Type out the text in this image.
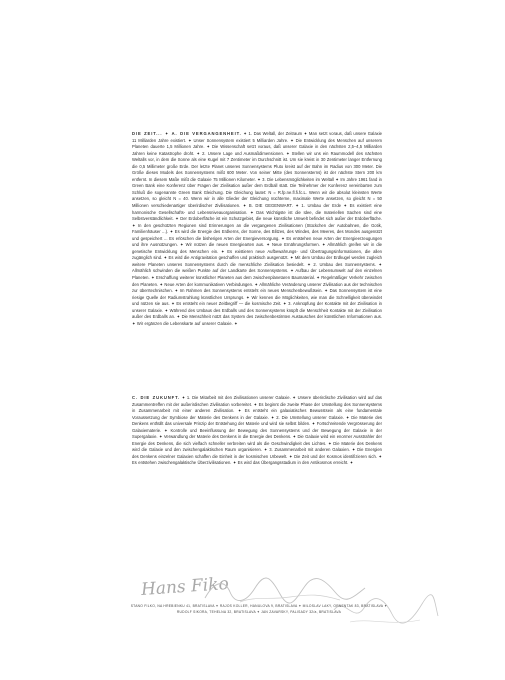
DIE ZEIT... ✦ A. DIE VERGANGENHEIT. ✦ 1. Das Weltall, der Zeitraum ✦ Man setzt voraus, daß unsere Galaxie 11 Milliarden Jahre existiert. ✦ Unser Sonnensystem existiert 5 Milliarden Jahre. ✦ Die Entwicklung des Menschen auf unserem Planeten dauerte 1,5 Millionen Jahre. ✦ Die Wissenschaft setzt voraus, daß unserer Galaxie in den nächsten 2,5–4,5 Milliarden Jahren keine Katastrophe droht. ✦ 2. Unsere Lage und Ausmaßdimensionen. ✦ Stellen wir uns ein Raummodell des nächsten Weltalls vor, in dem die Sonne als eine Kugel mit 7 Zentimeter im Durchschnitt ist. Um sie kreist in 30 Zentimeter langer Entfernung die 0,5 Millimeter große Erde. Der letzte Planet unseres Sonnensystems Pluto kreist auf der Bahn im Radius von 300 Meter. Die Größe dieses Models des Sonnensystems mißt 600 Meter. Von seiner Mitte (des Sonnensterns) ist der nächste Stern 200 km entfernt. In diesem Maße mißt die Galaxie 75 Millionen Kilometer. ✦ 3. Die Lebensmöglichkeiten im Weltall ✦ Im Jahre 1961 fand in Green Bank eine Konferenz über Fragen der Zivilisation außer dem Erdball statt. Die Teilnehmer der Konferenz vereinbarten zum Schluß die sogenannte Green Bank Gleichung. Die Gleichung lautet: N = R.fp.ne.fl.fi.fc.L. Wenn wir die absolut kleinsten Werte ansetzen, so gleicht N = 40. Wenn wir in alle Glieder der Gleichung nüchterne, maximale Werte ansetzen, so gleicht N = 50 Millionen verschiedenartiger überirdischer Zivilisationen. ✦ B. DIE GEGENWART. ✦ 1. Umbau der Erde ✦ Es existiert eine harmonische Gesellschafts- und Lebensniveauorganisation. ✦ Das Wichtigste ist die Idee, die materiellen Sachen sind eine Selbstverständlichkeit. ✦ Der Erdoberfläche ist ein Schutzgebiet, die neue künstliche Umwelt befindet sich außer der Erdoberfläche. ✦ In den geschützten Regionen sind Erinnerungen an die vergangenen Zivilisationen (Stückchen der Autobahnen, die Gotik, Familienhäuser ...). ✦ Es wird die Energie des Erdkerns, der Sonne, des Blitzes, des Windes, des Meeres, des Mondes ausgenützt und gespeichert ... Es erlöschen die bisherigen Arten der Energieversorgung. ✦ Es entstehen neue Arten der Energieerzeugungen und ihre Ausnützungen. ✦ Wir nützen die neuen Energiearten aus. ✦ Neue Ernährungsformen. ✦ Allmählich greifen wir in die genetische Entwicklung des Menschen ein. ✦ Es existieren neue Aufbewahrungs- und Übertragungsinformationen, die allen zugänglich sind. ✦ Es wird die Antigravitation geschaffen und praktisch ausgenützt. ✦ Mit dem Umbau der Erdkugel werden zugleich weitere Planeten unseres Sonnensystems durch die menschliche Zivilisation besiedelt. ✦ 2. Umbau des Sonnensystems. ✦ Allmählich schwinden die weißen Punkte auf der Landkarte des Sonnensystems. ✦ Aufbau der Lebensumwelt auf den einzelnen Planeten. ✦ Erschaffung weiterer künstlicher Planeten aus dem zwischenplanetaren Baumaterial. ✦ Regelmäßiger Verkehr zwischen den Planeten. ✦ Neue Arten der kommunikativen Verbindungen. ✦ Allmähliche Veränderung unserer Zivilisation aus der technischen zur überrtechnischen. ✦ Im Rahmen des Sonnensystems entsteht ein neues Menschenbewußtsein. ✦ Das Sonnensystem ist eine riesige Quelle der Radiumstrahlung künstlichen Ursprungs. ✦ Wir kennen die Möglichkeiten, wie man die Schnelligkeit überwindet und nützen sie aus. ✦ Es entsteht ein neuer Zeitbegriff — die kosmische Zeit. ✦ 3. Anknüpfung der Kontakte mit der Zivilisation in unserer Galaxie. ✦ Während des Umbaus des Erdballs und des Sonnensystems knüpft die Menschheit Kontakte mit der Zivilisation außer des Erdballs an. ✦ Die Menschheit nützt das System des zwischenbestirnten Austausches der künstlichen Informationen aus. ✦ Wir ergänzen die Lebenskarte auf unserer Galaxie. ✦
C. DIE ZUKUNFT. ✦ 1. Die Mitarbeit mit den Zivilisationen unserer Galaxie. ✦ Unsere überirdische Zivilisation wird auf das Zusammentreffen mit der außerirdischen Zivilisation vorbereitet. ✦ Es beginnt die zweite Phase der Umstellung des Sonnensystems in Zusammenarbeit mit einer anderen Zivilisation. ✦ Es entsteht ein galaxiatisches Bewusstsein als eine fundamentale Voraussetzung der Symbiose der Materie des Denkens in der Galaxie. ✦ 2. Die Umstellung unserer Galaxie. ✦ Die Materie des Denkens enthüllt das universale Prinzip der Entstehung der Materie und wird sie selbst bilden. ✦ Fortschreitende Vergrösserung der Galaxiematerie. ✦ Kontrolle und Beeinflussung der Bewegung des Sonnensystems und der Bewegung der Galaxie in der Supergalaxie. ✦ Verwandlung der Materie des Denkens in die Energie des Denkens. ✦ Die Galaxie wird ein enormer Ausstrahler der Energie des Denkens, die sich vielfach schneller verbreiten wird als die Geschwindigkeit des Lichtes. ✦ Die Materie des Denkens wird die Galaxie und den zwischengalaktischen Raum organisieren. ✦ 3. Zusammenarbeit mit anderen Galaxien. ✦ Die Energien des Denkens einzelner Galaxien schaffen die Einheit in der kosmischen Urbewelt. ✦ Die Zeit und der Kosmos identifizieren sich. ✦ Es entstehen zwischengalaktische Überzivilisationen. ✦ Es wird das Übergangsstadium in den Antikosmos erreicht. ✦
Hans Fiko
STANO FILKO, NA HREBIENKU 41, BRATISLAVA ✦ RAJOS KOLLER, HANULOVA 9, BRATISLAVA ✦ MILOSLAV LAKY, ORNENTAK 83, BRATISLAVA ✦
RUDOLF SIKORA, TEHELNA 32, BRATISLAVA ✦ JAN ZAVARSKY, PALISADY 32/a, BRATISLAVA
